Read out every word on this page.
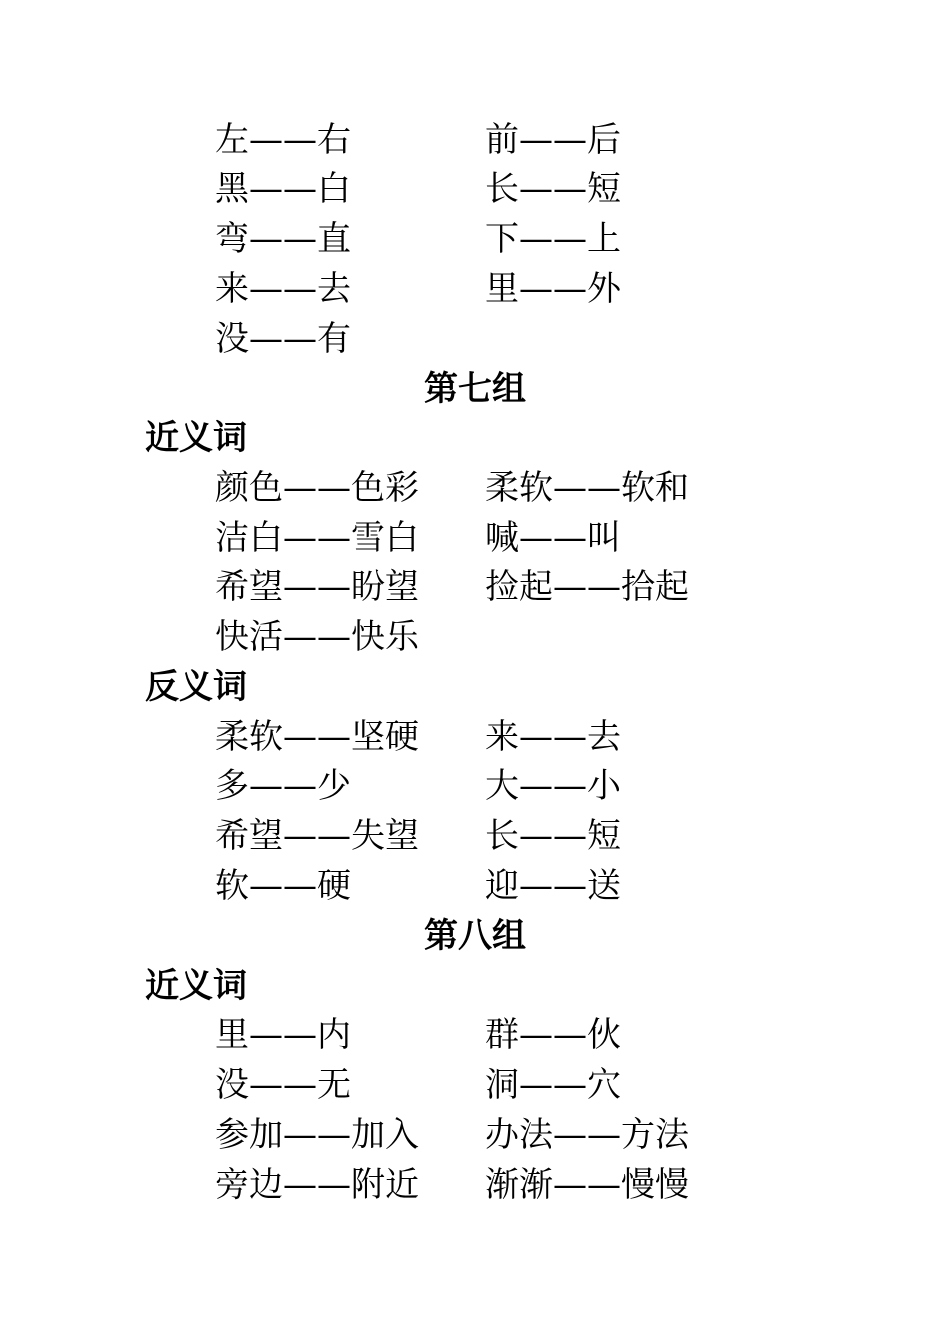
左——右	前——后
黑——白	长——短
弯——直	下——上
来——去	里——外
没——有
第七组
近义词
颜色——色彩 柔软——软和
洁白——雪白 喊——叫
希望——盼望 捡起——拾起
快活——快乐
反义词
柔软——坚硬 来——去
多——少	大——小
希望——失望 长——短
软——硬	迎——送
第八组
近义词
里——内	群——伙
没——无	洞——穴
参加——加入 办法——方法
旁边——附近 渐渐——慢慢
